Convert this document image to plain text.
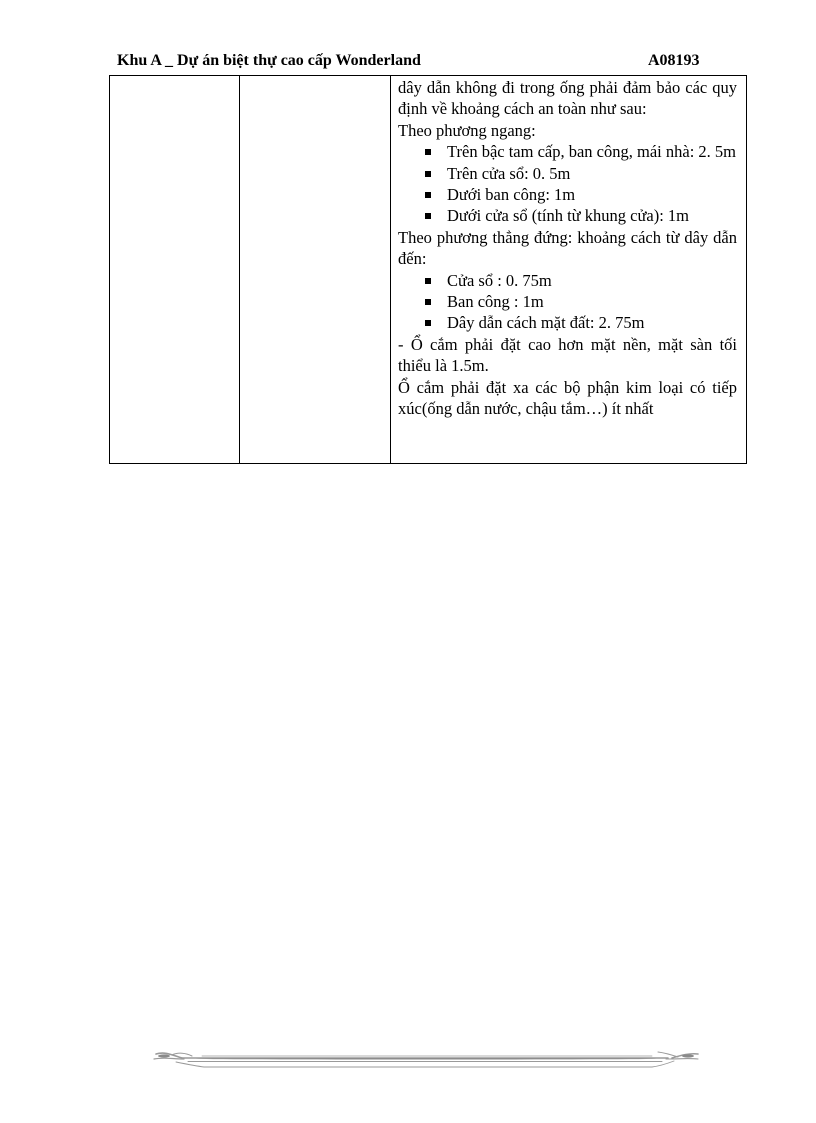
Khu A _ Dự án biệt thự cao cấp Wonderland	A08193

dây dẫn không đi trong ống phải đảm bảo các quy định về khoảng cách an toàn như sau:

Theo phương ngang:

Trên bậc tam cấp, ban công, mái nhà: 2. 5m
Trên cửa sổ: 0. 5m
Dưới ban công: 1m
Dưới cửa sổ (tính từ khung cửa): 1m

Theo phương thẳng đứng: khoảng cách từ dây dẫn đến:

Cửa sổ : 0. 75m
Ban công : 1m
Dây dẫn cách mặt đất: 2. 75m

- Ổ cắm phải đặt cao hơn mặt nền, mặt sàn tối thiểu là 1.5m.

Ổ cắm phải đặt xa các bộ phận kim loại có tiếp xúc(ống dẫn nước, chậu tắm…) ít nhất
